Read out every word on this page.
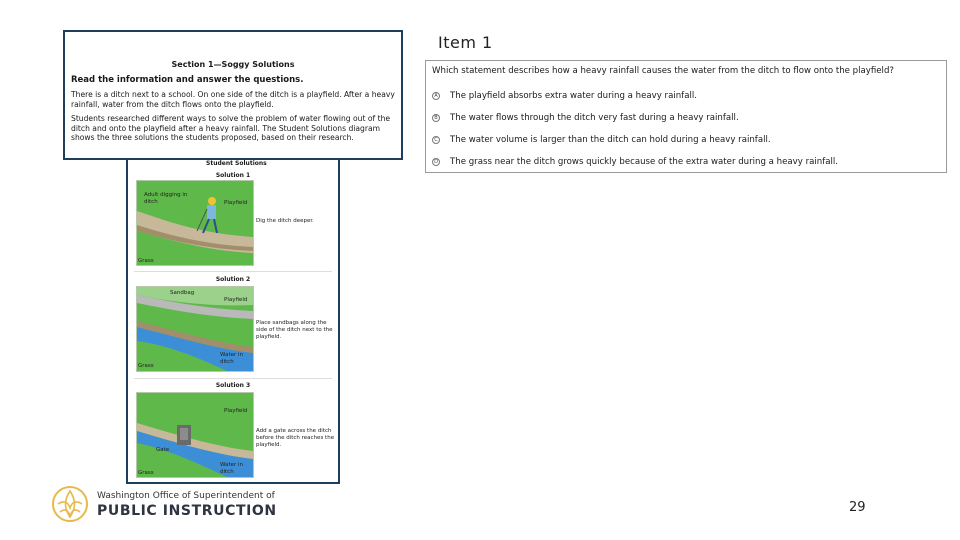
Item 1
Student Solutions
Solution 1
Adult digging in ditch	Playfield
Grass
Dig the ditch deeper.
Solution 2
Sandbag
Playfield
Water in ditch
Grass
Place sandbags along the side of the ditch next to the playfield.
Solution 3
Playfield
Gate
Water in ditch
Grass
Add a gate across the ditch before the ditch reaches the playfield.
Section 1—Soggy Solutions
Read the information and answer the questions.

There is a ditch next to a school. On one side of the ditch is a playfield. After a heavy rainfall, water from the ditch flows onto the playfield.

Students researched different ways to solve the problem of water flowing out of the ditch and onto the playfield after a heavy rainfall. The Student Solutions diagram shows the three solutions the students proposed, based on their research.

Which statement describes how a heavy rainfall causes the water from the ditch to flow onto the playfield?
A The playfield absorbs extra water during a heavy rainfall.
B The water flows through the ditch very fast during a heavy rainfall.
C The water volume is larger than the ditch can hold during a heavy rainfall.
D The grass near the ditch grows quickly because of the extra water during a heavy rainfall.
Washington Office of Superintendent of
PUBLIC INSTRUCTION	29
